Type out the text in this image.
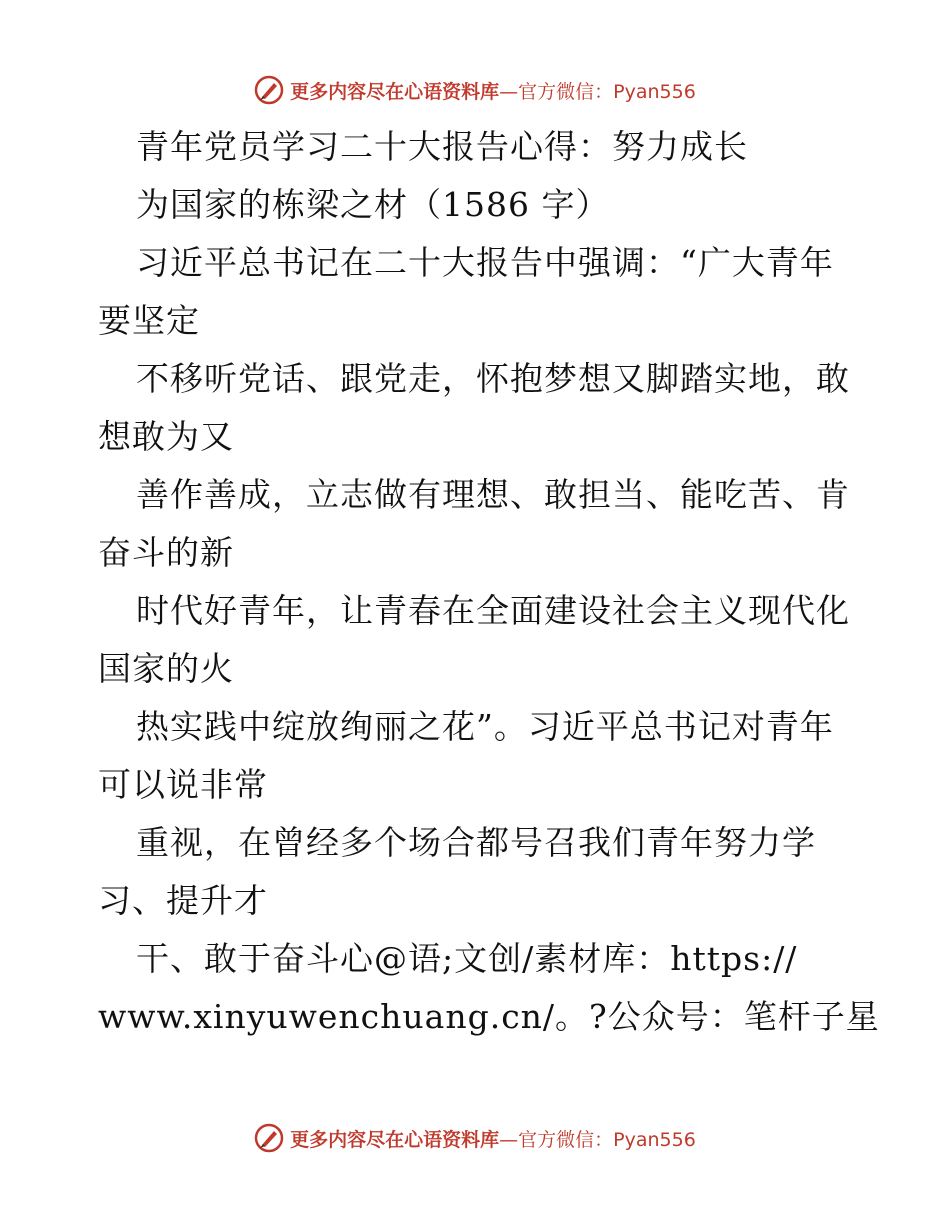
更多内容尽在心语资料库—官方微信：Pyan556
青年党员学习二十大报告心得：努力成长
为国家的栋梁之材（1586 字）
习近平总书记在二十大报告中强调：“广大青年
要坚定
不移听党话、跟党走，怀抱梦想又脚踏实地，敢
想敢为又
善作善成，立志做有理想、敢担当、能吃苦、肯
奋斗的新
时代好青年，让青春在全面建设社会主义现代化
国家的火
热实践中绽放绚丽之花”。习近平总书记对青年
可以说非常
重视，在曾经多个场合都号召我们青年努力学
习、提升才
干、敢于奋斗心@语;文创/素材库：https://
www.xinyuwenchuang.cn/。?公众号：笔杆子星
更多内容尽在心语资料库—官方微信：Pyan556
